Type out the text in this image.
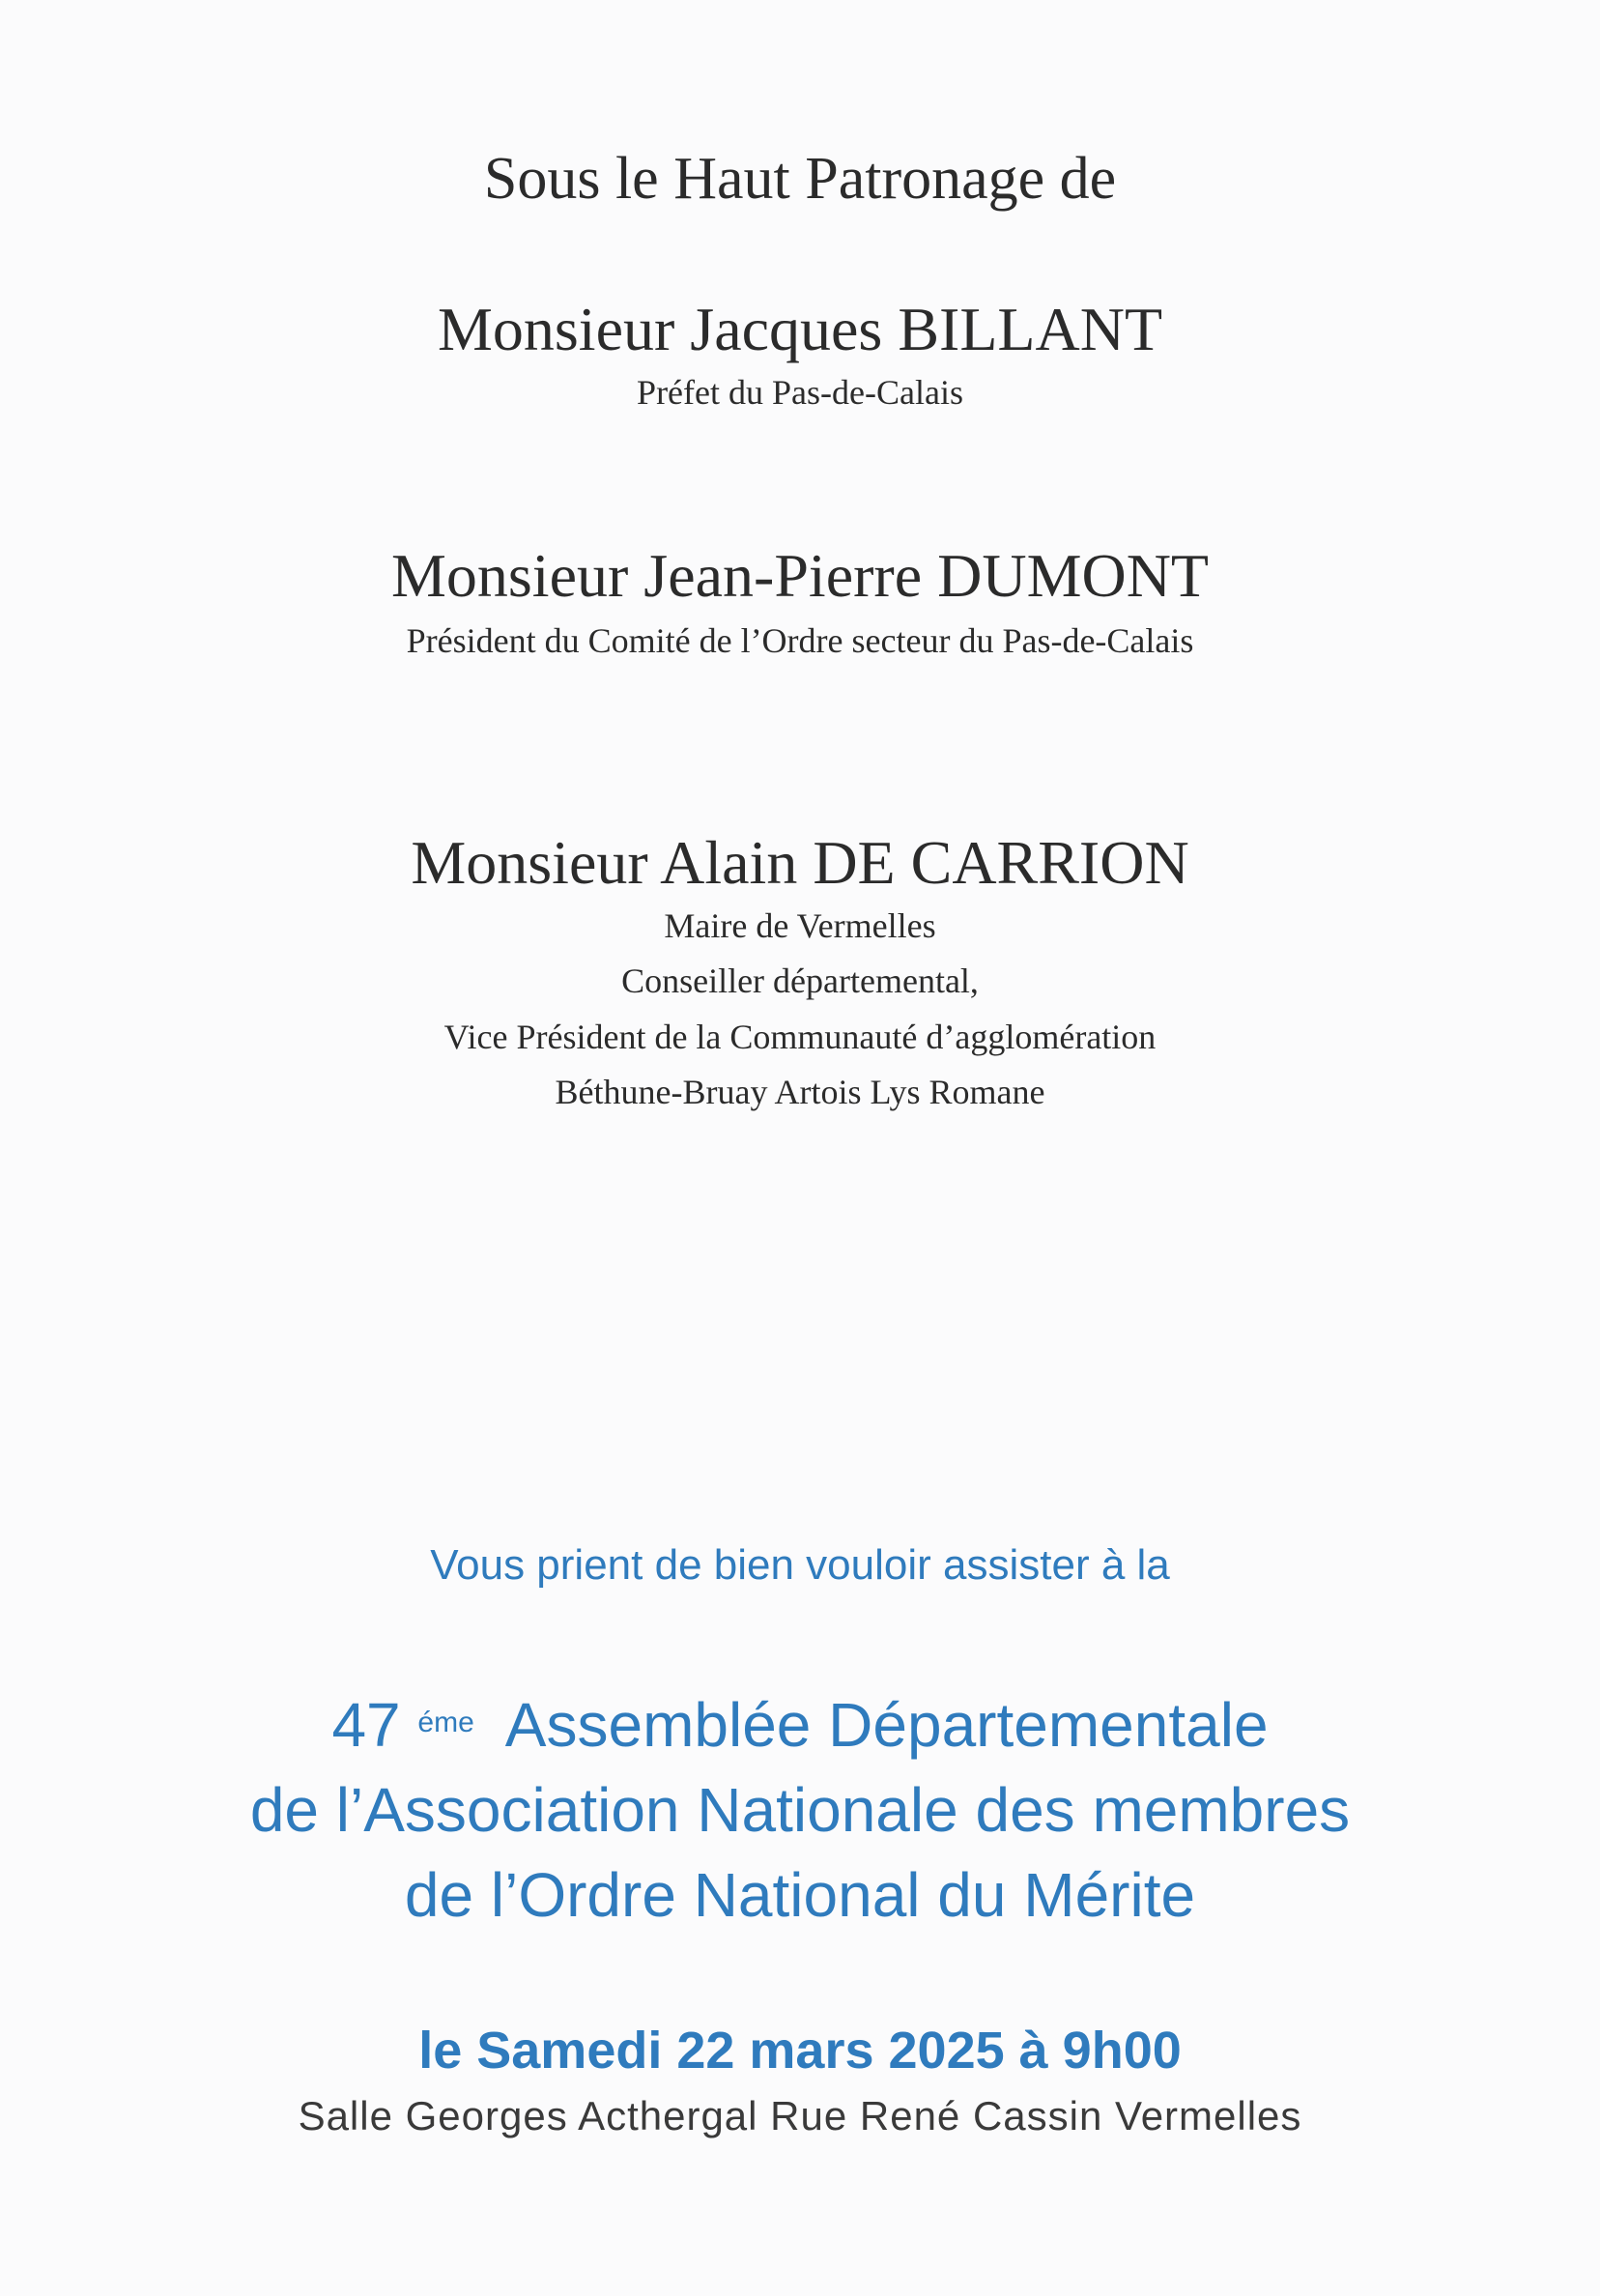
Sous le Haut Patronage de

Monsieur Jacques BILLANT

Préfet du Pas-de-Calais

Monsieur Jean-Pierre DUMONT

Président du Comité de l’Ordre secteur du Pas-de-Calais

Monsieur Alain DE CARRION

Maire de Vermelles

Conseiller départemental,

Vice Président de la Communauté d’agglomération

Béthune-Bruay Artois Lys Romane

Vous prient de bien vouloir assister à la

47 $^{éme}$ Assemblée Départementale

de l’Association Nationale des membres

de l’Ordre National du Mérite

le Samedi 22 mars 2025 à 9h00

Salle Georges Acthergal Rue René Cassin Vermelles
